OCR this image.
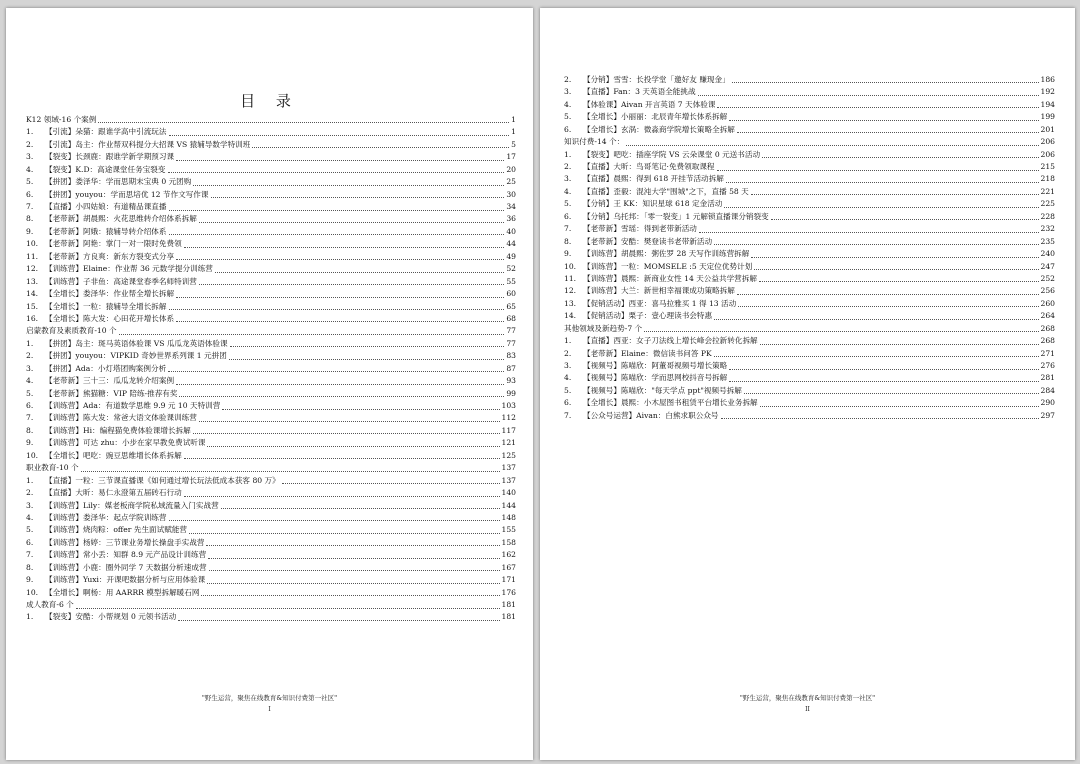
目 录
K12 领域-16 个案例	1
1.	【引流】朵猫：跟谁学高中引流玩法	1
2.	【引流】岛主：作业帮双科提分大招课 VS 猿辅导数学特训班	5
3.	【裂变】长颈鹿：跟谁学新学期预习课	17
4.	【裂变】K.D：高途课堂任务宝裂变	20
5.	【拼团】娄泽华：学而思期末宝典 0 元团购	25
6.	【拼团】youyou：学而思培优 12 节作文写作课	30
7.	【直播】小四姑娘：有道精品课直播	34
8.	【老带新】胡晨熙：火花思维转介绍体系拆解	36
9.	【老带新】阿娥：猿辅导转介绍体系	40
10. 【老带新】阿艳：掌门一对一限时免费领	44
11. 【老带新】方良爽：新东方裂变式分享	49
12. 【训练营】Elaine：作业帮 36 元数学提分训练营	52
13. 【训练营】子非鱼：高途课堂春季名师特训营	55
14. 【全增长】娄泽华：作业帮全增长拆解	60
15. 【全增长】一粒：猿辅导全增长拆解	65
16. 【全增长】陈大发：心田花开增长体系	68
启蒙教育及素质教育-10 个	77
1.	【拼团】岛主：斑马英语体验课 VS 瓜瓜龙英语体验课	77
2.	【拼团】youyou：VIPKID 奇妙世界系列课 1 元拼团	83
3.	【拼团】Ada：小灯塔团购案例分析	87
4.	【老带新】三十三：瓜瓜龙转介绍案例	93
5.	【老带新】熊猫糖：VIP 陪练-推荐有奖	99
6.	【训练营】Ada：有道数学思维 9.9 元 10 天特训营	103
7.	【训练营】陈大发：常爸大语文体验课训练营	112
8.	【训练营】Hi：编程猫免费体验课增长拆解	117
9.	【训练营】可达 zhu：小步在家早教免费试听课	121
10. 【全增长】吧吃：豌豆思维增长体系拆解	125
职业教育-10 个	137
1.	【直播】一粒：三节课直播课《如何通过增长玩法低成本获客 80 万》	137
2.	【直播】大昕：易仁永澄第五届砖石行动	140
3.	【训练营】Lily：媒老板商学院私域流量入门实战营	144
4.	【训练营】娄泽华：起点学院训练营	148
5.	【训练营】烧肉粽：offer 先生面试赋能营	155
6.	【训练营】杨婷：三节课业务增长操盘手实战营	158
7.	【训练营】常小丢：知群 8.9 元产品设计训练营	162
8.	【训练营】小鹿：圈外同学 7 天数据分析速成营	167
9.	【训练营】Yuxi：开课吧数据分析与应用体验课	171
10. 【全增长】啊杨：用 AARRR 模型拆解暖石网	176
成人教育-6 个	181
1.	【裂变】安酷：小帮规划 0 元领书活动	181
"野生运营，聚焦在线教育&知识付费第一社区"
I
2.	【分销】雪雪：长投学堂「邀好友 赚现金」	186
3.	【直播】Fan：3 天英语全能挑战	192
4.	【体验课】Aivan 开言英语 7 天体验课	194
5.	【全增长】小丽丽：北辰青年增长体系拆解	199
6.	【全增长】玄涡：微淼商学院增长策略全拆解	201
知识付费-14 个：	206
1.	【裂变】吧吃：插座学院 VS 云朵课堂 0 元送书活动	206
2.	【直播】大昕：鸟哥笔记·免费领取课程	215
3.	【直播】晨熙：得到 618 开挂节活动拆解	218
4.	【直播】歪毅：混沌大学"围城"之下，直播 58 天	221
5.	【分销】王 KK：知识星球 618 定金活动	225
6.	【分销】乌托邦：「零一裂变」1 元解锁直播课分销裂变	228
7.	【老带新】雪瑶：得到老带新活动	232
8.	【老带新】安酷：樊登读书老带新活动	235
9.	【训练营】胡晨熙：粥佐罗 28 天写作训练营拆解	240
10. 【训练营】一粒：MOMSELE :5 天定位优势计划	247
11. 【训练营】晨熙：新商业女性 14 天公益共学营拆解	252
12. 【训练营】大兰：新世相幸福课成功策略拆解	256
13. 【促销活动】西亚：喜马拉雅买 1 得 13 活动	260
14. 【促销活动】栗子：壹心理读书会特惠	264
其他领域及新趋势-7 个	268
1.	【直播】西亚：女子刀法线上增长峰会拉新转化拆解	268
2.	【老带新】Elaine：微信读书问答 PK	271
3.	【视频号】陈喵欣：阿董哥视频号增长策略	276
4.	【视频号】陈喵欣：学而思网校抖音号拆解	281
5.	【视频号】陈喵欣："每天学点 ppt"视频号拆解	284
6.	【全增长】晨熙：小木屋图书租赁平台增长业务拆解	290
7.	【公众号运营】Aivan：白熊求职公众号	297
"野生运营，聚焦在线教育&知识付费第一社区"
II
